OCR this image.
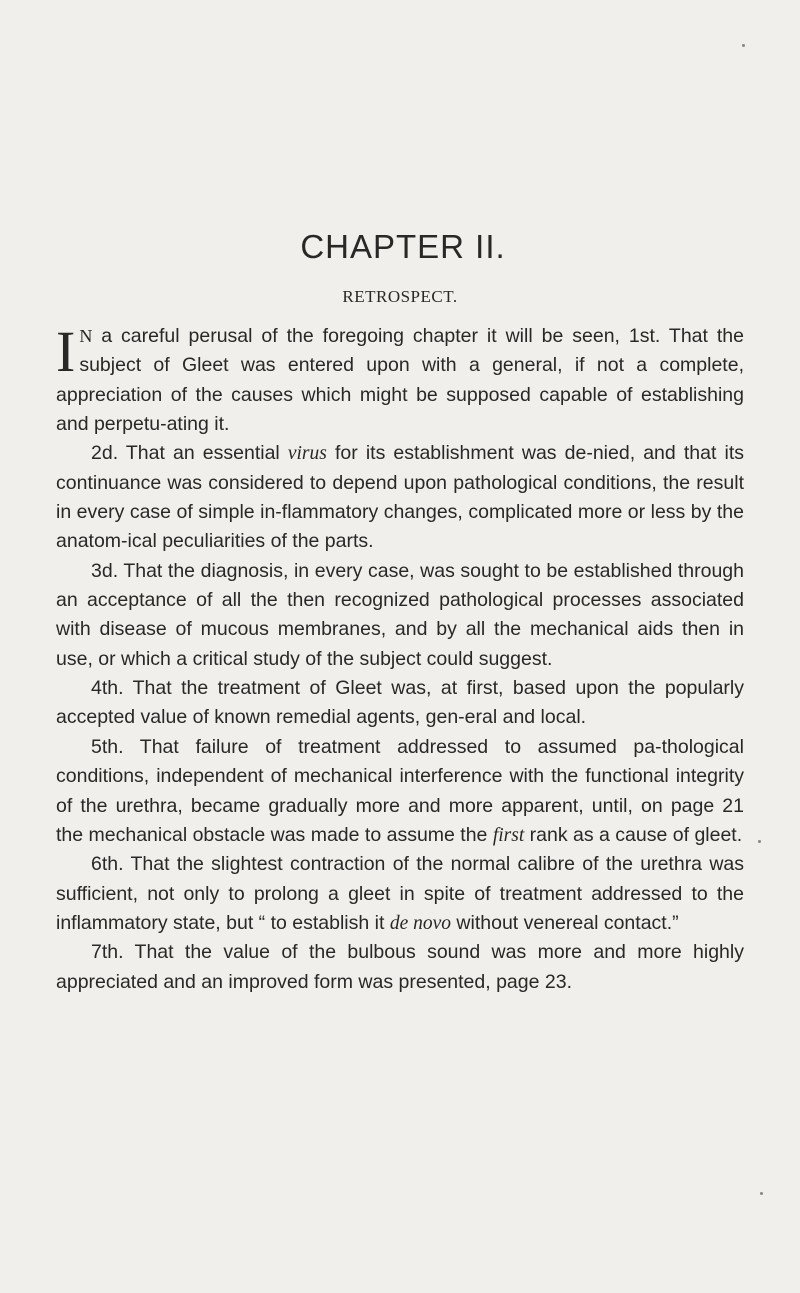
CHAPTER II.
RETROSPECT.

I N a careful perusal of the foregoing chapter it will be seen, 1st. That the subject of Gleet was entered upon with a general, if not a complete, appreciation of the causes which might be supposed capable of establishing and perpetu-ating it.

2d. That an essential virus for its establishment was de-nied, and that its continuance was considered to depend upon pathological conditions, the result in every case of simple in-flammatory changes, complicated more or less by the anatom-ical peculiarities of the parts.

3d. That the diagnosis, in every case, was sought to be established through an acceptance of all the then recognized pathological processes associated with disease of mucous membranes, and by all the mechanical aids then in use, or which a critical study of the subject could suggest.

4th. That the treatment of Gleet was, at first, based upon the popularly accepted value of known remedial agents, gen-eral and local.

5th. That failure of treatment addressed to assumed pa-thological conditions, independent of mechanical interference with the functional integrity of the urethra, became gradually more and more apparent, until, on page 21 the mechanical obstacle was made to assume the first rank as a cause of gleet.

6th. That the slightest contraction of the normal calibre of the urethra was sufficient, not only to prolong a gleet in spite of treatment addressed to the inflammatory state, but “ to establish it de novo without venereal contact.”

7th. That the value of the bulbous sound was more and more highly appreciated and an improved form was presented, page 23.
